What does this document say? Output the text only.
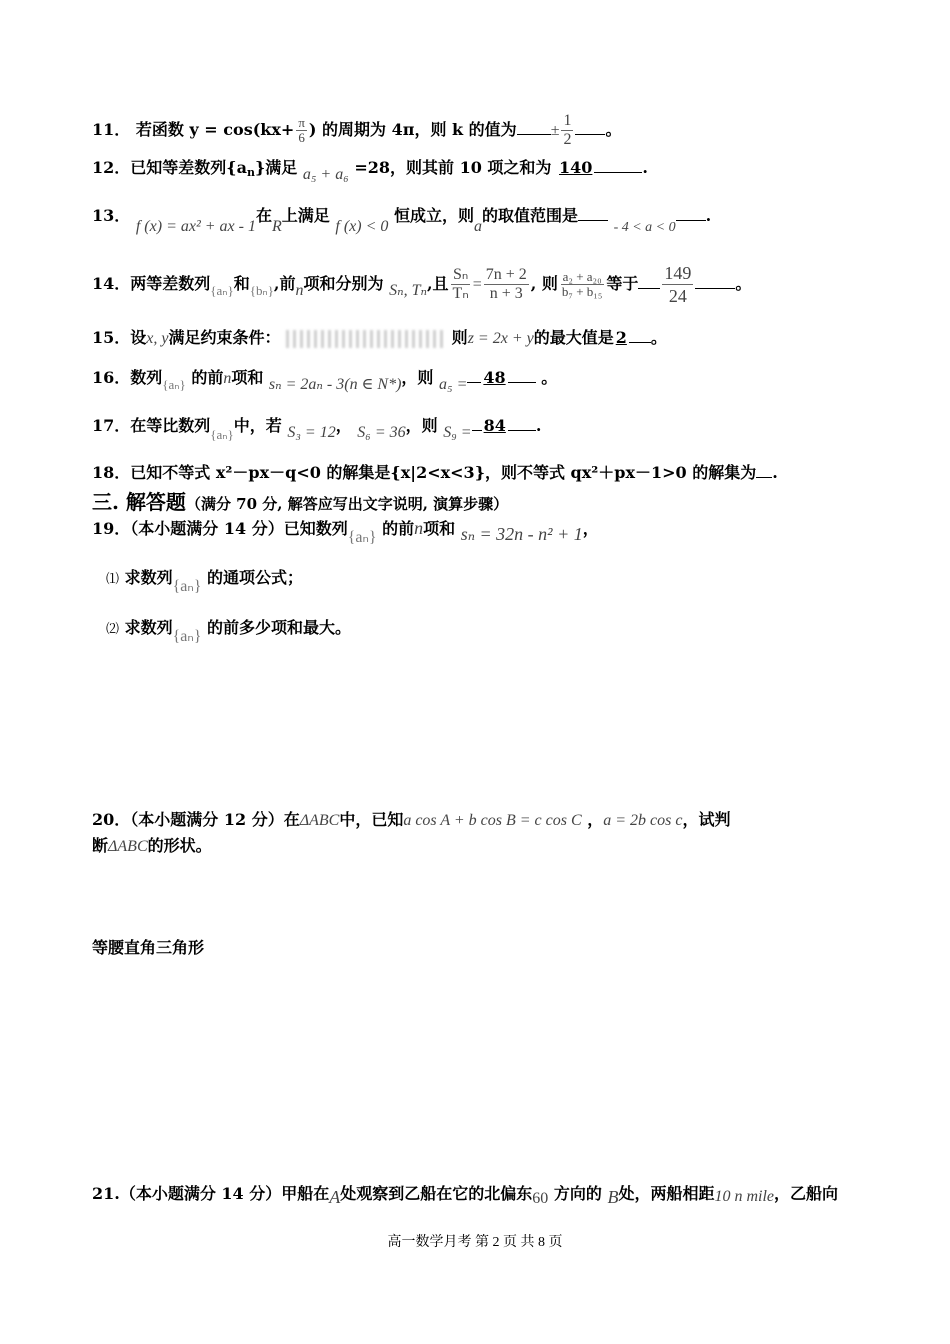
11． 若函数 $y = \cos(kx+ \frac{\pi}{6}$ ) 的周期为 4π，则 k 的值为 ± $\frac{1}{2}$ 。
12．已知等差数列$\{a_n\}$满足 a₅ + a₆ =28，则其前 10 项之和为 140	.
13． f (x) = ax² + ax - 1在R上满足 f (x) < 0 恒成立，则a的取值范围是 - 4 < a < 0.
14．两等差数列$_{\{a_n\}}$和$_{\{b_n\}}$,前n项和分别为 Sₙ, Tₙ,且 $\frac{\text{Sₙ}}{\text{Tₙ}} = \frac{7n + 2}{n + 3}$ , 则 $\frac{\text{a₂ + a₂₀}}{\text{b₇ + b₁₅}}$ 等于 $\frac{149}{24}$	。
15．设x, y满足约束条件：	则z = 2x + y的最大值是 2 。
16．数列$_{\{a_n\}}$ 的前n项和 sₙ = 2aₙ - 3(n ∈ N*)，则 a₅ = 48 。
17．在等比数列$_{\{a_n\}}$中，若 S₃ = 12， S₆ = 36，则 S₉ = 84 .
18．已知不等式 x²－px－q<0 的解集是{x|2<x<3}，则不等式 qx²＋px－1>0 的解集为 .
三. 解答题（满分 70 分, 解答应写出文字说明, 演算步骤）
19．（本小题满分 14 分）已知数列{aₙ} 的前n项和 sₙ = 32n - n² + 1，
⑴ 求数列{aₙ} 的通项公式；
⑵ 求数列{aₙ} 的前多少项和最大。
20．（本小题满分 12 分）在ΔABC中，已知a cos A + b cos B = c cos C ，a = 2b cos c，试判
断ΔABC的形状。
等腰直角三角形
21.（本小题满分 14 分）甲船在A处观察到乙船在它的北偏东60 方向的 B处，两船相距10 n mile，乙船向
高一数学月考 第 2 页 共 8 页
